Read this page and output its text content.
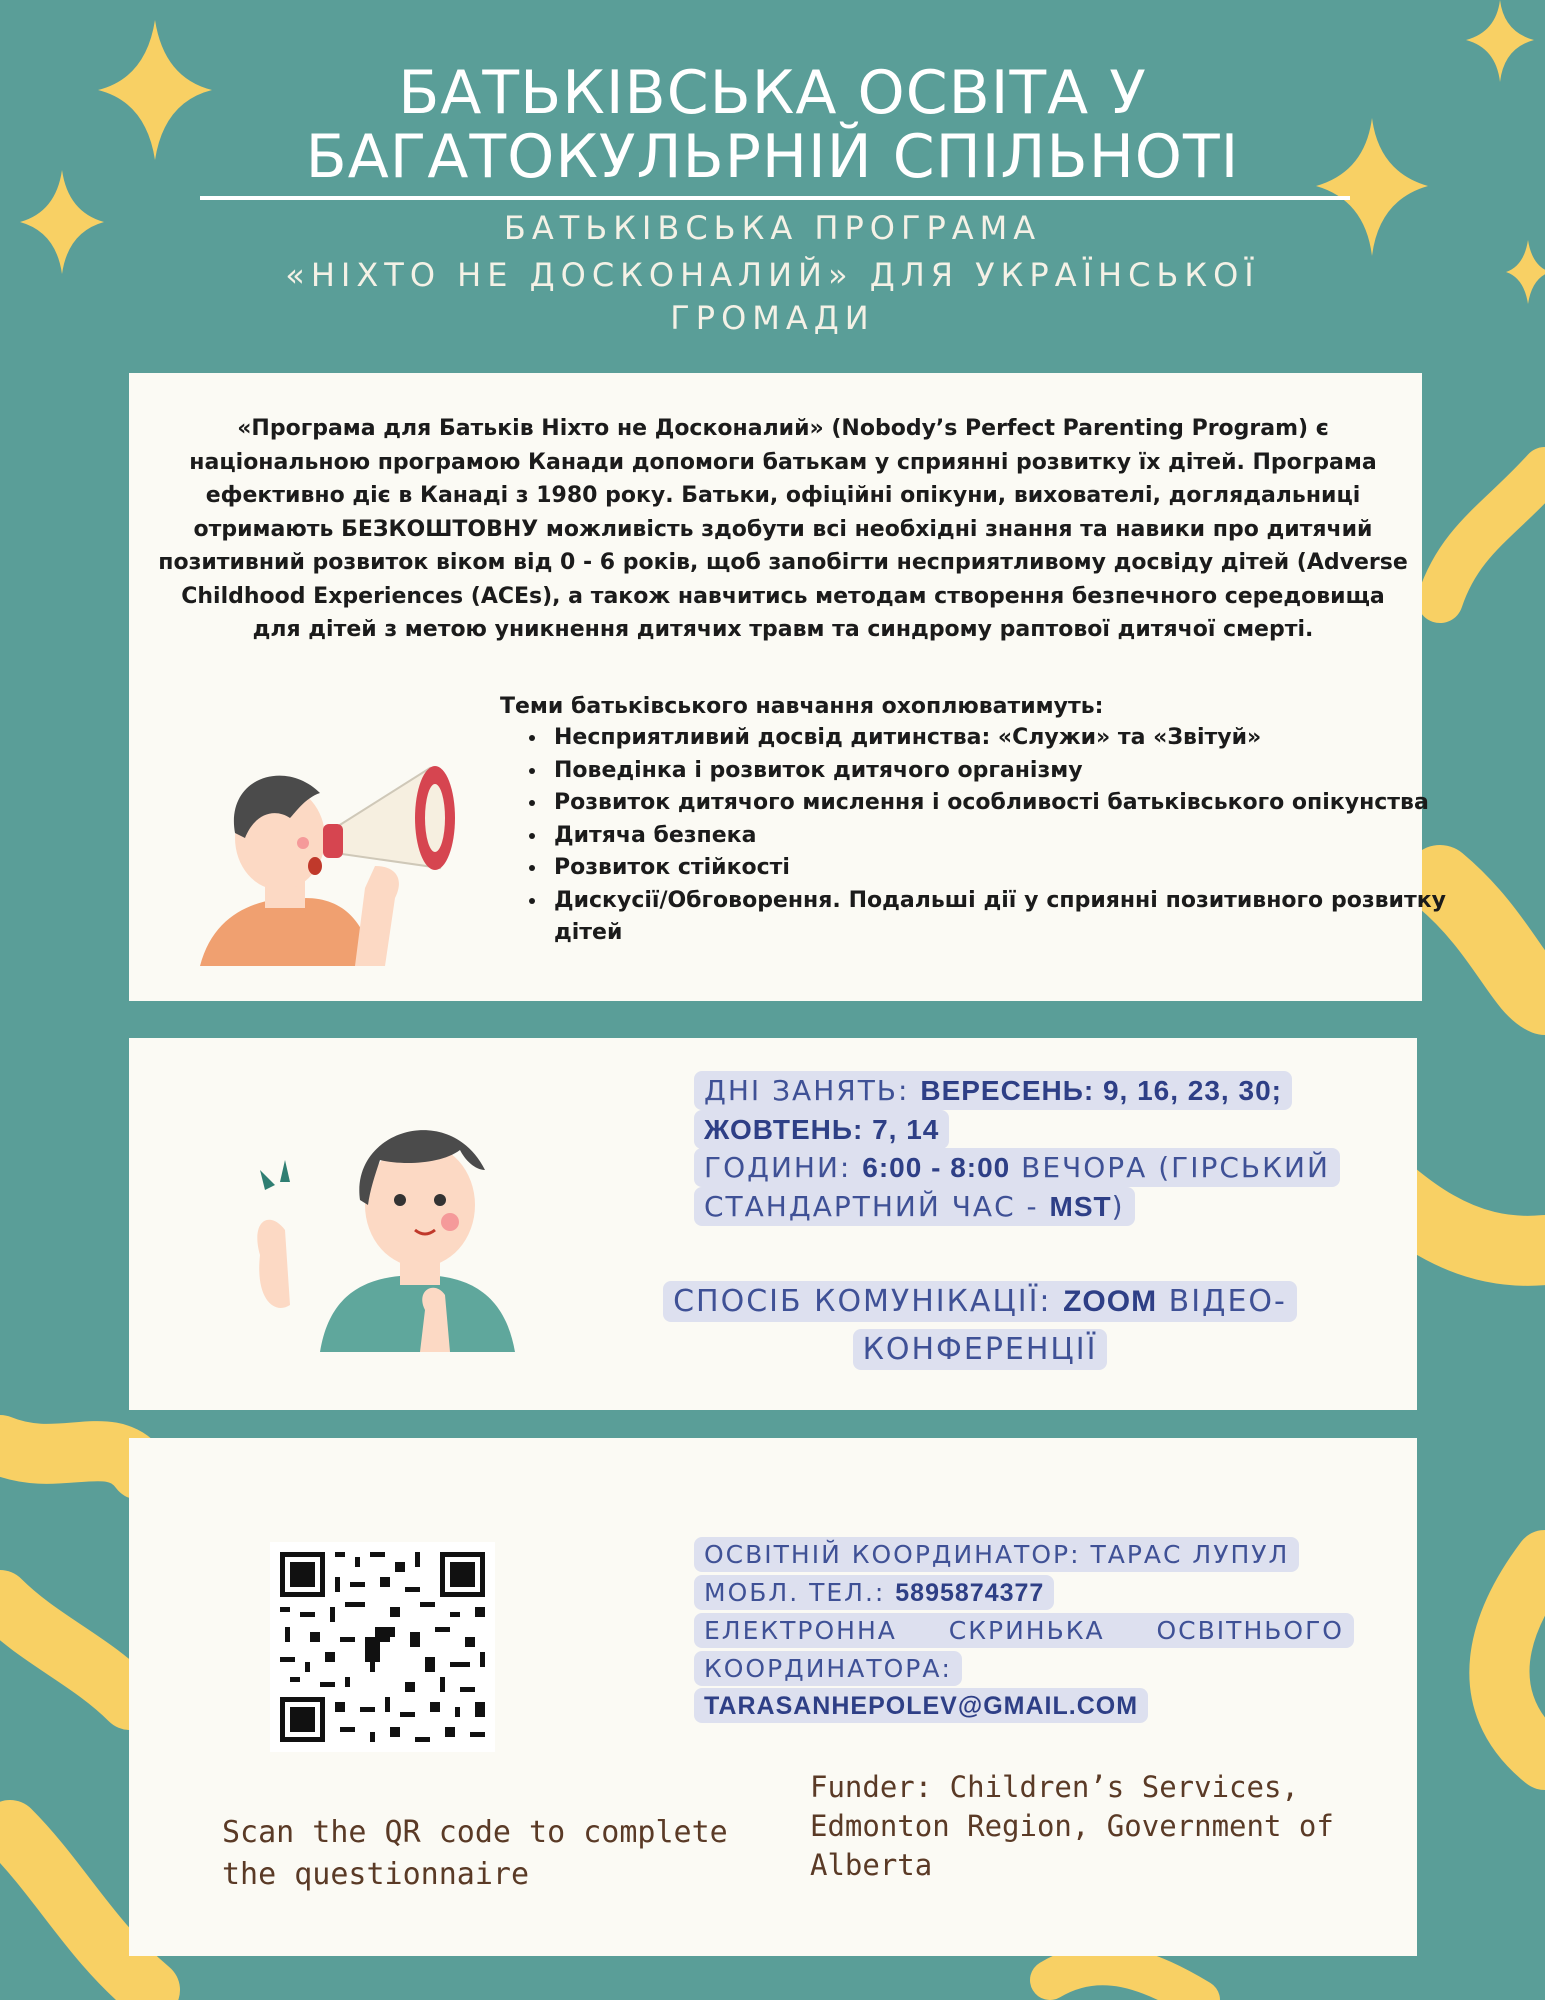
БАТЬКІВСЬКА ОСВІТА У
БАГАТОКУЛЬРНІЙ СПІЛЬНОТІ
БАТЬКІВСЬКА ПРОГРАМА
«НІХТО НЕ ДОСКОНАЛИЙ» ДЛЯ УКРАЇНСЬКОЇ
ГРОМАДИ
«Програма для Батьків Ніхто не Досконалий» (Nobody’s Perfect Parenting Program) є національною програмою Канади допомоги батькам у сприянні розвитку їх дітей. Програма ефективно діє в Канаді з 1980 року. Батьки, офіційні опікуни, вихователі, доглядальниці отримають БЕЗКОШТОВНУ можливість здобути всі необхідні знання та навики про дитячий позитивний розвиток віком від 0 - 6 років, щоб запобігти несприятливому досвіду дітей (Adverse Childhood Experiences (ACEs), а також навчитись методам створення безпечного середовища для дітей з метою уникнення дитячих травм та синдрому раптової дитячої смерті.
Теми батьківського навчання охоплюватимуть:
• Несприятливий досвід дитинства: «Служи» та «Звітуй»
• Поведінка і розвиток дитячого організму
• Розвиток дитячого мислення і особливості батьківського опікунства
• Дитяча безпека
• Розвиток стійкості
• Дискусії/Обговорення. Подальші дії у сприянні позитивного розвитку дітей
ДНІ ЗАНЯТЬ: ВЕРЕСЕНЬ: 9, 16, 23, 30;
ЖОВТЕНЬ: 7, 14
ГОДИНИ: 6:00 - 8:00 ВЕЧОРА (ГІРСЬКИЙ СТАНДАРТНИЙ ЧАС - MST)
СПОСІБ КОМУНІКАЦІЇ: ZOOM ВІДЕО-КОНФЕРЕНЦІЇ
ОСВІТНІЙ КООРДИНАТОР: ТАРАС ЛУПУЛ
МОБЛ. ТЕЛ.: 5895874377
ЕЛЕКТРОННА СКРИНЬКА ОСВІТНЬОГО КООРДИНАТОРА: TARASANHEPOLEV@GMAIL.COM
Scan the QR code to complete the questionnaire
Funder: Children’s Services, Edmonton Region, Government of Alberta
